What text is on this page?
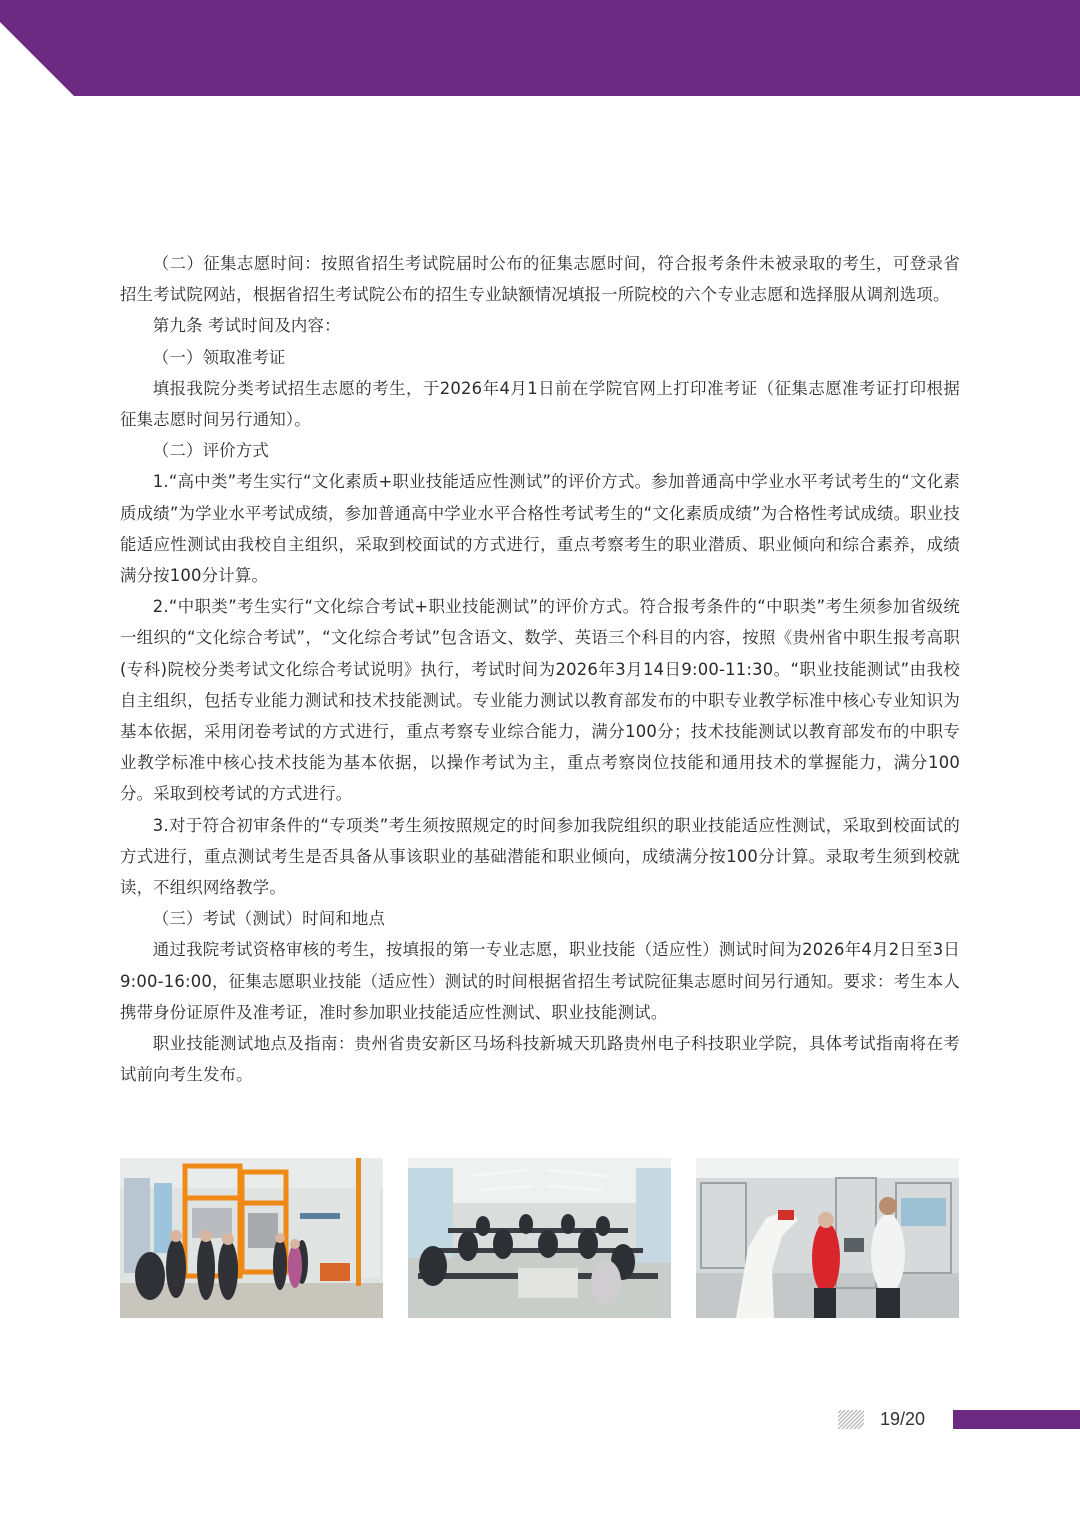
（二）征集志愿时间：按照省招生考试院届时公布的征集志愿时间，符合报考条件未被录取的考生，可登录省招生考试院网站，根据省招生考试院公布的招生专业缺额情况填报一所院校的六个专业志愿和选择服从调剂选项。

第九条 考试时间及内容：

（一）领取准考证

填报我院分类考试招生志愿的考生，于2026年4月1日前在学院官网上打印准考证（征集志愿准考证打印根据征集志愿时间另行通知）。

（二）评价方式

1.“高中类”考生实行“文化素质+职业技能适应性测试”的评价方式。参加普通高中学业水平考试考生的“文化素质成绩”为学业水平考试成绩，参加普通高中学业水平合格性考试考生的“文化素质成绩”为合格性考试成绩。职业技能适应性测试由我校自主组织，采取到校面试的方式进行，重点考察考生的职业潜质、职业倾向和综合素养，成绩满分按100分计算。

2.“中职类”考生实行“文化综合考试+职业技能测试”的评价方式。符合报考条件的“中职类”考生须参加省级统一组织的“文化综合考试”，“文化综合考试”包含语文、数学、英语三个科目的内容，按照《贵州省中职生报考高职(专科)院校分类考试文化综合考试说明》执行，考试时间为2026年3月14日9:00-11:30。“职业技能测试”由我校自主组织，包括专业能力测试和技术技能测试。专业能力测试以教育部发布的中职专业教学标准中核心专业知识为基本依据，采用闭卷考试的方式进行，重点考察专业综合能力，满分100分；技术技能测试以教育部发布的中职专业教学标准中核心技术技能为基本依据，以操作考试为主，重点考察岗位技能和通用技术的掌握能力，满分100分。采取到校考试的方式进行。

3.对于符合初审条件的“专项类”考生须按照规定的时间参加我院组织的职业技能适应性测试，采取到校面试的方式进行，重点测试考生是否具备从事该职业的基础潜能和职业倾向，成绩满分按100分计算。录取考生须到校就读，不组织网络教学。

（三）考试（测试）时间和地点

通过我院考试资格审核的考生，按填报的第一专业志愿，职业技能（适应性）测试时间为2026年4月2日至3日9:00-16:00，征集志愿职业技能（适应性）测试的时间根据省招生考试院征集志愿时间另行通知。要求：考生本人携带身份证原件及准考证，准时参加职业技能适应性测试、职业技能测试。

职业技能测试地点及指南：贵州省贵安新区马场科技新城天玑路贵州电子科技职业学院，具体考试指南将在考试前向考生发布。

19/20
